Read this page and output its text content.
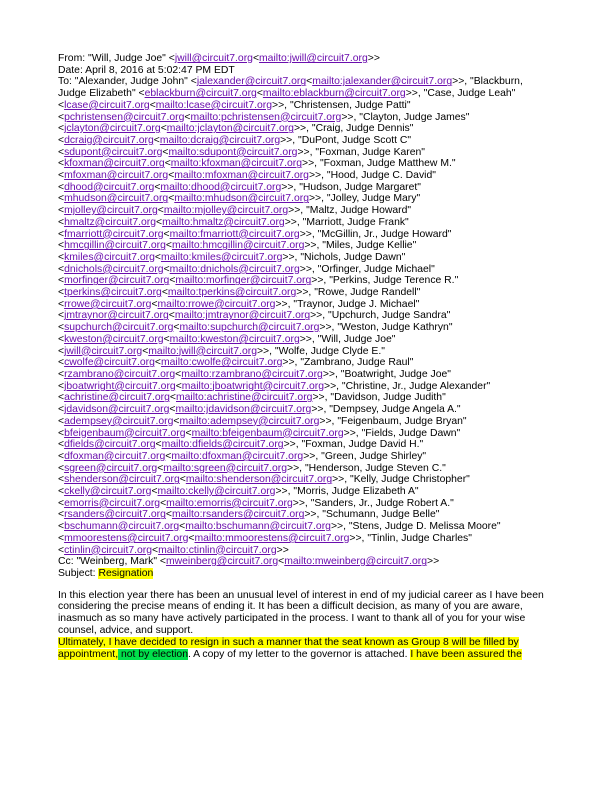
From: "Will, Judge Joe" <jwill@circuit7.org<mailto:jwill@circuit7.org>>
Date: April 8, 2016 at 5:02:47 PM EDT
To: "Alexander, Judge John" <jalexander@circuit7.org<mailto:jalexander@circuit7.org>>, "Blackburn, Judge Elizabeth" <eblackburn@circuit7.org<mailto:eblackburn@circuit7.org>>, "Case, Judge Leah" <lcase@circuit7.org<mailto:lcase@circuit7.org>>, "Christensen, Judge Patti" <pchristensen@circuit7.org<mailto:pchristensen@circuit7.org>>, "Clayton, Judge James" <jclayton@circuit7.org<mailto:jclayton@circuit7.org>>, "Craig, Judge Dennis" <dcraig@circuit7.org<mailto:dcraig@circuit7.org>>, "DuPont, Judge Scott C" <sdupont@circuit7.org<mailto:sdupont@circuit7.org>>, "Foxman, Judge Karen" <kfoxman@circuit7.org<mailto:kfoxman@circuit7.org>>, "Foxman, Judge Matthew M." <mfoxman@circuit7.org<mailto:mfoxman@circuit7.org>>, "Hood, Judge C. David" <dhood@circuit7.org<mailto:dhood@circuit7.org>>, "Hudson, Judge Margaret" <mhudson@circuit7.org<mailto:mhudson@circuit7.org>>, "Jolley, Judge Mary" <mjolley@circuit7.org<mailto:mjolley@circuit7.org>>, "Maltz, Judge Howard" <hmaltz@circuit7.org<mailto:hmaltz@circuit7.org>>, "Marriott, Judge Frank" <fmarriott@circuit7.org<mailto:fmarriott@circuit7.org>>, "McGillin, Jr., Judge Howard" <hmcgillin@circuit7.org<mailto:hmcgillin@circuit7.org>>, "Miles, Judge Kellie" <kmiles@circuit7.org<mailto:kmiles@circuit7.org>>, "Nichols, Judge Dawn" <dnichols@circuit7.org<mailto:dnichols@circuit7.org>>, "Orfinger, Judge Michael" <morfinger@circuit7.org<mailto:morfinger@circuit7.org>>, "Perkins, Judge Terence R." <tperkins@circuit7.org<mailto:tperkins@circuit7.org>>, "Rowe, Judge Randell" <rrowe@circuit7.org<mailto:rrowe@circuit7.org>>, "Traynor, Judge J. Michael" <jmtraynor@circuit7.org<mailto:jmtraynor@circuit7.org>>, "Upchurch, Judge Sandra" <supchurch@circuit7.org<mailto:supchurch@circuit7.org>>, "Weston, Judge Kathryn" <kweston@circuit7.org<mailto:kweston@circuit7.org>>, "Will, Judge Joe" <jwill@circuit7.org<mailto:jwill@circuit7.org>>, "Wolfe, Judge Clyde E." <cwolfe@circuit7.org<mailto:cwolfe@circuit7.org>>, "Zambrano, Judge Raul" <rzambrano@circuit7.org<mailto:rzambrano@circuit7.org>>, "Boatwright, Judge Joe" <jboatwright@circuit7.org<mailto:jboatwright@circuit7.org>>, "Christine, Jr., Judge Alexander" <achristine@circuit7.org<mailto:achristine@circuit7.org>>, "Davidson, Judge Judith" <jdavidson@circuit7.org<mailto:jdavidson@circuit7.org>>, "Dempsey, Judge Angela A." <adempsey@circuit7.org<mailto:adempsey@circuit7.org>>, "Feigenbaum, Judge Bryan" <bfeigenbaum@circuit7.org<mailto:bfeigenbaum@circuit7.org>>, "Fields, Judge Dawn" <dfields@circuit7.org<mailto:dfields@circuit7.org>>, "Foxman, Judge David H." <dfoxman@circuit7.org<mailto:dfoxman@circuit7.org>>, "Green, Judge Shirley" <sgreen@circuit7.org<mailto:sgreen@circuit7.org>>, "Henderson, Judge Steven C." <shenderson@circuit7.org<mailto:shenderson@circuit7.org>>, "Kelly, Judge Christopher" <ckelly@circuit7.org<mailto:ckelly@circuit7.org>>, "Morris, Judge Elizabeth A" <emorris@circuit7.org<mailto:emorris@circuit7.org>>, "Sanders, Jr., Judge Robert A." <rsanders@circuit7.org<mailto:rsanders@circuit7.org>>, "Schumann, Judge Belle" <bschumann@circuit7.org<mailto:bschumann@circuit7.org>>, "Stens, Judge D. Melissa Moore" <mmoorestens@circuit7.org<mailto:mmoorestens@circuit7.org>>, "Tinlin, Judge Charles" <ctinlin@circuit7.org<mailto:ctinlin@circuit7.org>>
Cc: "Weinberg, Mark" <mweinberg@circuit7.org<mailto:mweinberg@circuit7.org>>
Subject: Resignation
In this election year there has been an unusual level of interest in end of my judicial career as I have been
considering the precise means of ending it. It has been a difficult decision, as many of you are aware,
inasmuch as so many have actively participated in the process. I want to thank all of you for your wise
counsel, advice, and support.
Ultimately, I have decided to resign in such a manner that the seat known as Group 8 will be filled by
appointment, not by election. A copy of my letter to the governor is attached. I have been assured the
